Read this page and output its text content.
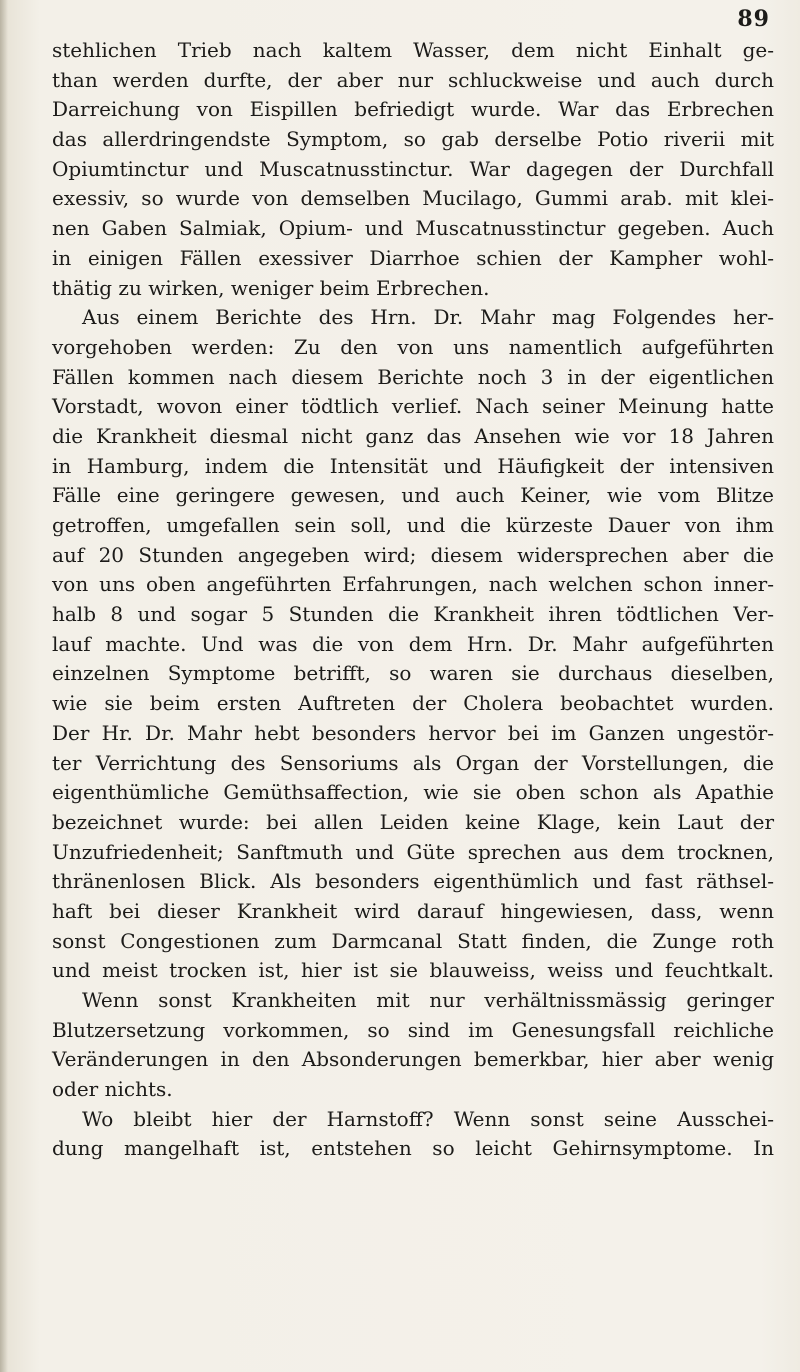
89
stehlichen Trieb nach kaltem Wasser, dem nicht Einhalt ge-
than werden durfte, der aber nur schluckweise und auch durch
Darreichung von Eispillen befriedigt wurde. War das Erbrechen
das allerdringendste Symptom, so gab derselbe Potio riverii mit
Opiumtinctur und Muscatnusstinctur. War dagegen der Durchfall
exessiv, so wurde von demselben Mucilago, Gummi arab. mit klei-
nen Gaben Salmiak, Opium- und Muscatnusstinctur gegeben. Auch
in einigen Fällen exessiver Diarrhoe schien der Kampher wohl-
thätig zu wirken, weniger beim Erbrechen.
Aus einem Berichte des Hrn. Dr. Mahr mag Folgendes her-
vorgehoben werden: Zu den von uns namentlich aufgeführten
Fällen kommen nach diesem Berichte noch 3 in der eigentlichen
Vorstadt, wovon einer tödtlich verlief. Nach seiner Meinung hatte
die Krankheit diesmal nicht ganz das Ansehen wie vor 18 Jahren
in Hamburg, indem die Intensität und Häufigkeit der intensiven
Fälle eine geringere gewesen, und auch Keiner, wie vom Blitze
getroffen, umgefallen sein soll, und die kürzeste Dauer von ihm
auf 20 Stunden angegeben wird; diesem widersprechen aber die
von uns oben angeführten Erfahrungen, nach welchen schon inner-
halb 8 und sogar 5 Stunden die Krankheit ihren tödtlichen Ver-
lauf machte. Und was die von dem Hrn. Dr. Mahr aufgeführten
einzelnen Symptome betrifft, so waren sie durchaus dieselben,
wie sie beim ersten Auftreten der Cholera beobachtet wurden.
Der Hr. Dr. Mahr hebt besonders hervor bei im Ganzen ungestör-
ter Verrichtung des Sensoriums als Organ der Vorstellungen, die
eigenthümliche Gemüthsaffection, wie sie oben schon als Apathie
bezeichnet wurde: bei allen Leiden keine Klage, kein Laut der
Unzufriedenheit; Sanftmuth und Güte sprechen aus dem trocknen,
thränenlosen Blick. Als besonders eigenthümlich und fast räthsel-
haft bei dieser Krankheit wird darauf hingewiesen, dass, wenn
sonst Congestionen zum Darmcanal Statt finden, die Zunge roth
und meist trocken ist, hier ist sie blauweiss, weiss und feuchtkalt.
Wenn sonst Krankheiten mit nur verhältnissmässig geringer
Blutzersetzung vorkommen, so sind im Genesungsfall reichliche
Veränderungen in den Absonderungen bemerkbar, hier aber wenig
oder nichts.
Wo bleibt hier der Harnstoff? Wenn sonst seine Ausschei-
dung mangelhaft ist, entstehen so leicht Gehirnsymptome. In
